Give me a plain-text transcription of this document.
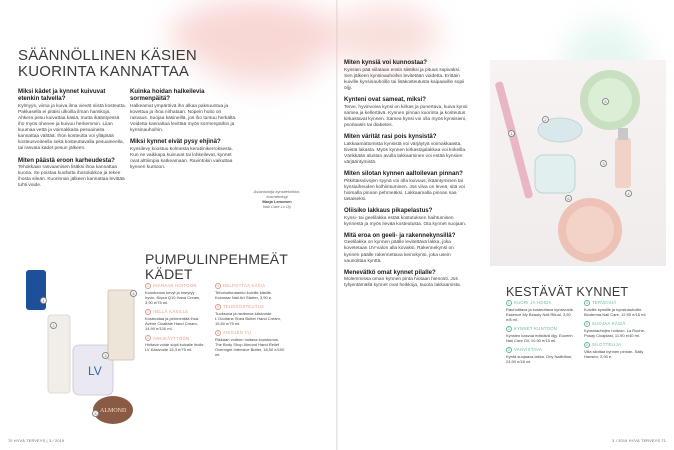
SÄÄNNÖLLINEN KÄSIEN KUORINTA KANNATTAA
Miksi kädet ja kynnet kuivuvat etenkin talvella?

Kylmyys, viima ja kuiva ilma vievät niistä kosteutta. Pakkasella ei pitäisi ulkoilla ilman hanskoja. Ahkera pesu kuivattaa käsiä, mutta ikääntyessä iho myös ohenee ja kuivuu herkemmin. Liian kuumaa vettä ja voimakkaita pesuaineita kannattaa välttää. Ihon kosteutta voi ylläpitää kosteusvoiteella sekä kosteuttavalla pesuaineella, tai rasvata kädet pesun jälkeen.

Miten päästä eroon karheudesta?

Tehokkaan rasvaamisen lisäksi ihoa kannattaa kuoria. Se poistaa kuollutta ihosolukkoa ja tekee ihosta sileän. Kuorinnan jälkeen kannattaa levittää tuhti voide.

Kuinka hoidan halkeilevia sormenpäitä?

Halkeamat ympäröivä iho alkaa paksuuntua ja kovettua ja ihoa nirhataan. Nopein hoito on rasvaus. Suojaa käsineillä, jos iho tuntuu herkältä. Voidetta kannattaa levittää myös sormenpäihin ja kynsinauhoihin.

Miksi kynnet eivät pysy ehjinä?

Kynsilevy koostuu kolmesta keratiinikerroksesta. Kun ne vaikkapa kuivuvat tai lohkeilevat, kynnet ovat alttiimpia katkeamaan. Ravintokin vaikuttaa kynnen kuntoon.

Asiantuntija kynsiteknikko, kosmetologi
Marja Lemonen
Nail Care Lx Oy
LV
ALMOND
1
2
3
4
5
PUMPULINPEHMEÄT KÄDET
1 IHANAAN HOITOON
Koostumus kevyt ja imeytyy hyvin. Nivea Q10 Hand Cream, 3,90 e/75 ml.
2 HELLÄ KÄSILLE
Kosteuttaa ja pehmentää ihoa. Avène Cicalfate Hand Cream, 14,90 e/100 ml.
3 ARKIKÄYTTÖÖN
Hoitava voide sopii kuivalle iholle. LV Käsivoide 15,3 e/75 ml.
4 HELPOTTAA KÄSIÄ
Tehohoitonaamio kuiville käsille. Kocostar Nail Art Starter, 3,90 e.
5 TEHOKOSTEUTUS
Tuoksuva ja ravitseva käsivoide. L'Occitane Shea Butter Hand Cream, 15,50 e/75 ml.
6 AIKOJEN YLI
Rikkaan voiteen hoitava koostumus. The Body Shop Almond Hand Relief Overnight Intensive Butter, 18,50 e/100 ml.
70 HYVÄ TERVEYS | 3 / 2019
Miten kynsiä voi kunnostaa?

Kynsien pää viilataan ensin siistiksi ja pituus sopivaksi. Sen jälkeen kynsinauhoihin levitetään voidetta. Erittäin kuiville kynsinauhoille tai lisäkosteutusta kaipaaville sopii öljy.

Kynteni ovat sameat, miksi?

Terve, hyvinvoiva kynsi on kirkas ja punertava, kuiva kynsi samea ja kellertävä. Kynnen pinnan kuorinta ja kosteutus kirkastavat kynnen. Samea kynsi voi olla myös kynsisieni, psoriaasis tai diabetes.

Miten värität rasi pois kynsistä?

Lakkaamattomista kynsistä voi värjäytyä voimakkaasta, tiivistä lakasta. Myös kynnen kirkastajalakkaa voi kokeilla. Värikkään alustan avulla lakkaaminen voi estää kynsien värjääntymistä.

Miten silotan kynnen aaltoilevan pinnan?

Pitkittäisviivojen syynä voi olla kuivuus, ikääntyminen tai kynsiaiheuden kolhiintuminen. Jos viiva on leveä, sitä voi hiomalla pinnan pehmeäksi. Lakkaamalla pinnan saa tasaiseksi.

Oliisiko lakkaus pikapelastus?

Kynsi- tai geelilakka estää kostutuksen haihtumisen kynnestä ja myös lievää kosteutusta. Ota kynnet suojaan.

Mitä eroa on geeli- ja rakennekynsillä?

Geelilakka on kynnen päälle levitettävä lakka, joka kovetetaan UV-valon alla kovaksi. Rakennekynsi on kynnen päälle rakennettava keinokynsi, joka usein vaurioittaa kynttä.

Menevätkö omat kynnet pilalle?

Molemmissa oman kynnen pinta hiotaan hienosti. Jos tyhjentämällä kynnet ovat heikkoja, tauota lakkaamista.

1
2
3
4
5
6
KESTÄVÄT KYNNET
1 KUORI JA HOIDA
Rauhoittava ja kosteuttava kynsivoide. Essence My Beauty Nail Ritual, 3,90 e/8 ml.
2 KYNNET KUNTOON
Kynsien kasvua edistävä öljy. Eucerin Nail Care Oil, 10,90 e/15 ml.
3 VAHVISTAVA
Kyntä suojaava lakka. Orly Nailtrition, 24,90 e/18 ml.
4 TERVEISIÄ
Kuiville kynsille ja kynsinauhoille. Bioderma Nail Care, 12,90 e/15 ml.
5 SUOJAA KÄSIÄ
Kynsinauhojen hoitoon. La Roche-Posay Cicaplast, 11,90 e/40 ml.
6 SILOTTELIJA
Viila silottaa kynnen pinnan. Sally Hansen, 2,90 e.
3 / 2019 HYVÄ TERVEYS 71
